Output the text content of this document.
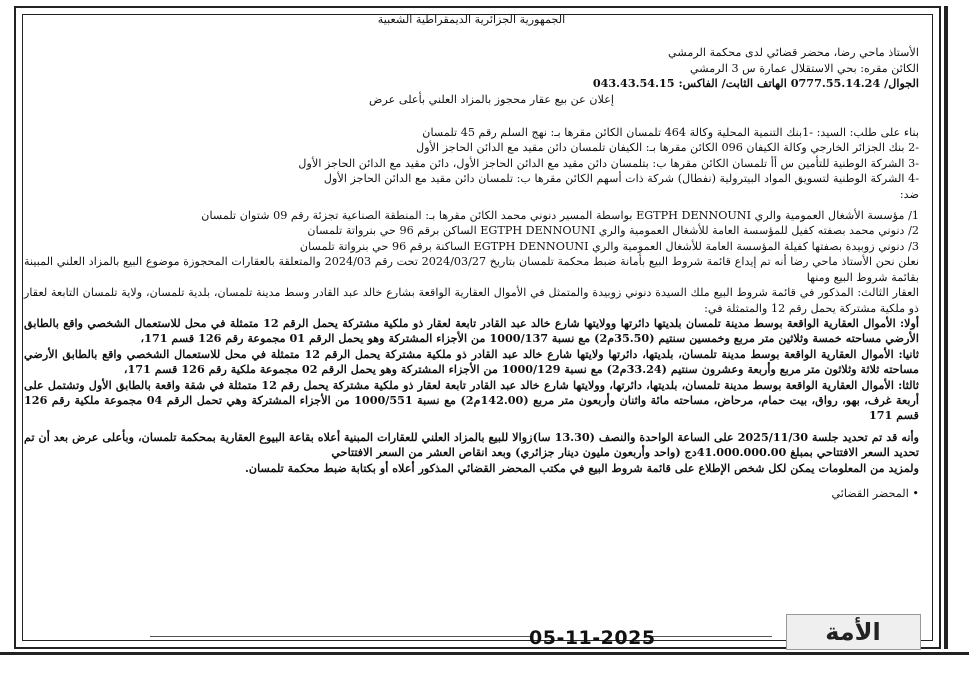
الجمهورية الجزائرية الديمقراطية الشعبية
الأستاذ ماحي رضا، محضر قضائي لدى محكمة الرمشي
الكائن مقره: بحي الاستقلال عمارة س 3 الرمشي
الجوال/ 0777.55.14.24 الهاتف الثابت/ الفاكس: 043.43.54.15
إعلان عن بيع عقار محجوز بالمزاد العلني بأعلى عرض
بناء على طلب: السيد: -1بنك التنمية المحلية وكالة 464 تلمسان الكائن مقرها بـ: نهج السلم رقم 45 تلمسان
-2 بنك الجزائر الخارجي وكالة الكيفان 096 الكائن مقرها بـ: الكيفان تلمسان دائن مقيد مع الدائن الحاجز الأول
-3 الشركة الوطنية للتأمين س أأ تلمسان الكائن مقرها ب: بتلمسان دائن مقيد مع الدائن الحاجز الأول، دائن مقيد مع الدائن الحاجز الأول
-4 الشركة الوطنية لتسويق المواد البيترولية (نفطال) شركة ذات أسهم الكائن مقرها ب: تلمسان دائن مقيد مع الدائن الحاجز الأول
ضد:
1/ مؤسسة الأشغال العمومية والري EGTPH DENNOUNI بواسطة المسير دنوني محمد الكائن مقرها بـ: المنطقة الصناعية تجزئة رقم 09 شتوان تلمسان
2/ دنوني محمد بصفته كفيل للمؤسسة العامة للأشغال العمومية والري EGTPH DENNOUNI الساكن برقم 96 حي بنرواتة تلمسان
3/ دنوني زوبيدة بصفتها كفيلة المؤسسة العامة للأشغال العمومية والري EGTPH DENNOUNI الساكنة برقم 96 حي بنرواتة تلمسان

نعلن نحن الأستاذ ماحي رضا أنه تم إيداع قائمة شروط البيع بأمانة ضبط محكمة تلمسان بتاريخ 2024/03/27 تحت رقم 2024/03 والمتعلقة بالعقارات المحجوزة موضوع البيع بالمزاد العلني المبينة بقائمة شروط البيع ومنها

العقار الثالث: المذكور في قائمة شروط البيع ملك السيدة دنوني زوبيدة والمتمثل في الأموال العقارية الواقعة بشارع خالد عبد القادر وسط مدينة تلمسان، بلدية تلمسان، ولاية تلمسان التابعة لعقار ذو ملكية مشتركة يحمل رقم 12 والمتمثلة في:

أولا: الأموال العقارية الواقعة بوسط مدينة تلمسان بلديتها دائرتها وولايتها شارع خالد عبد القادر تابعة لعقار ذو ملكية مشتركة يحمل الرقم 12 متمثلة في محل للاستعمال الشخصي واقع بالطابق الأرضي مساحته خمسة وثلاثين متر مربع وخمسين سنتيم (35.50م2) مع نسبة 1000/137 من الأجزاء المشتركة وهو يحمل الرقم 01 مجموعة رقم 126 قسم 171،

ثانيا: الأموال العقارية الواقعة بوسط مدينة تلمسان، بلديتها، دائرتها ولايتها شارع خالد عبد القادر ذو ملكية مشتركة يحمل الرقم 12 متمثلة في محل للاستعمال الشخصي واقع بالطابق الأرضي مساحته ثلاثة وثلاثون متر مربع وأربعة وعشرون سنتيم (33.24م2) مع نسبة 1000/129 من الأجزاء المشتركة وهو يحمل الرقم 02 مجموعة ملكية رقم 126 قسم 171،

ثالثا: الأموال العقارية الواقعة بوسط مدينة تلمسان، بلديتها، دائرتها، وولايتها شارع خالد عبد القادر تابعة لعقار ذو ملكية مشتركة يحمل رقم 12 متمثلة في شقة واقعة بالطابق الأول وتشتمل على أربعة غرف، بهو، رواق، بيت حمام، مرحاض، مساحته مائة واثنان وأربعون متر مربع (142.00م2) مع نسبة 1000/551 من الأجزاء المشتركة وهي تحمل الرقم 04 مجموعة ملكية رقم 126 قسم 171

وأنه قد تم تحديد جلسة 2025/11/30 على الساعة الواحدة والنصف (13.30 سا)زوالا للبيع بالمزاد العلني للعقارات المبنية أعلاه بقاعة البيوع العقارية بمحكمة تلمسان، وبأعلى عرض بعد أن تم تحديد السعر الافتتاحي بمبلغ 41.000.000.00دج (واحد وأربعون مليون دينار جزائري) وبعد انقاص العشر من السعر الافتتاحي

ولمزيد من المعلومات يمكن لكل شخص الإطلاع على قائمة شروط البيع في مكتب المحضر القضائي المذكور أعلاه أو بكتابة ضبط محكمة تلمسان.

• المحضر القضائي
05-11-2025	الأمة
